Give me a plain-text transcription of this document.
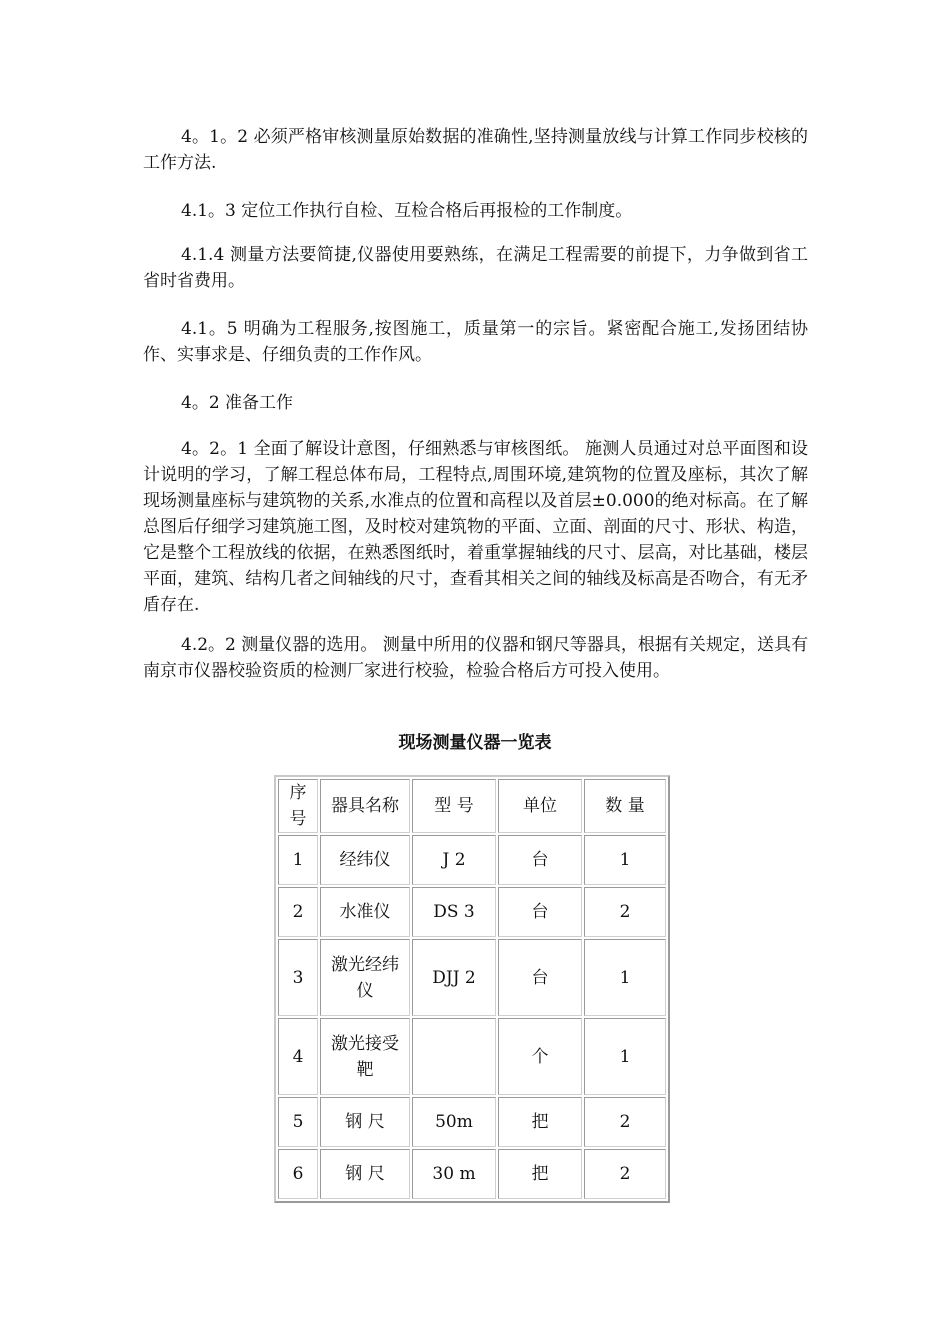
4。1。2 必须严格审核测量原始数据的准确性,坚持测量放线与计算工作同步校核的工作方法.

4.1。3 定位工作执行自检、互检合格后再报检的工作制度。

4.1.4 测量方法要简捷,仪器使用要熟练，在满足工程需要的前提下，力争做到省工省时省费用。

4.1。5 明确为工程服务,按图施工，质量第一的宗旨。紧密配合施工,发扬团结协作、实事求是、仔细负责的工作作风。

4。2 准备工作

4。2。1 全面了解设计意图，仔细熟悉与审核图纸。 施测人员通过对总平面图和设计说明的学习，了解工程总体布局，工程特点,周围环境,建筑物的位置及座标，其次了解现场测量座标与建筑物的关系,水准点的位置和高程以及首层±0.000的绝对标高。在了解总图后仔细学习建筑施工图，及时校对建筑物的平面、立面、剖面的尺寸、形状、构造，它是整个工程放线的依据，在熟悉图纸时，着重掌握轴线的尺寸、层高，对比基础，楼层平面，建筑、结构几者之间轴线的尺寸，查看其相关之间的轴线及标高是否吻合，有无矛盾存在.

4.2。2 测量仪器的选用。 测量中所用的仪器和钢尺等器具，根据有关规定，送具有南京市仪器校验资质的检测厂家进行校验，检验合格后方可投入使用。

现场测量仪器一览表
序号	器具名称	型 号	单位	数 量
1	经纬仪	J 2	台	1
2	水准仪	DS 3	台	2
3	激光经纬仪	DJJ 2	台	1
4	激光接受靶		个	1
5	钢 尺	50m	把	2
6	钢 尺	30 m	把	2
